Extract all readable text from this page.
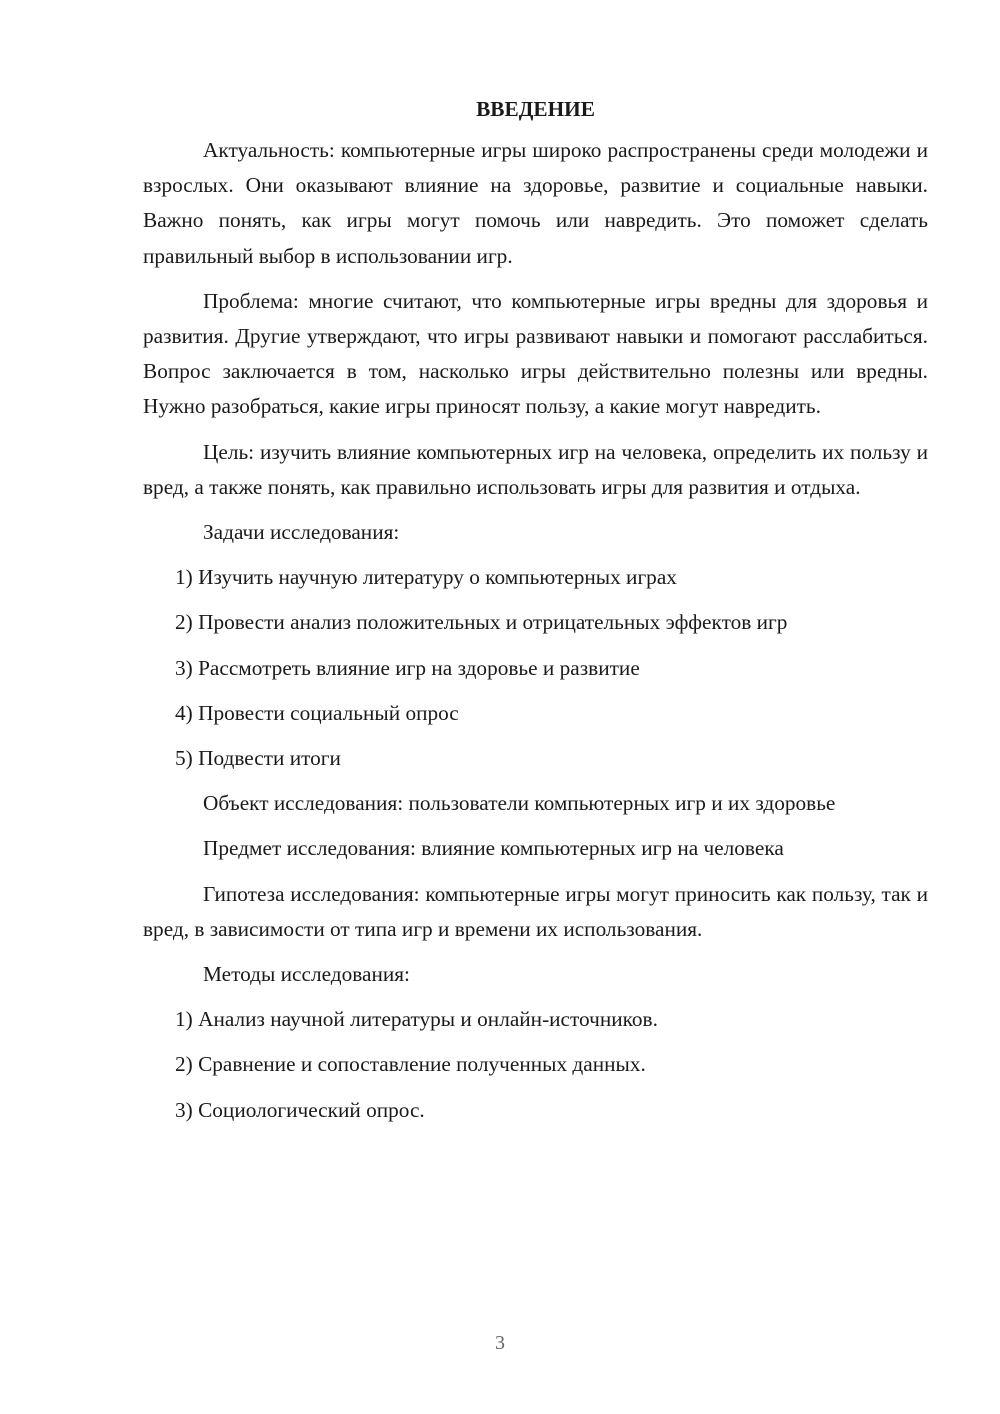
ВВЕДЕНИЕ

Актуальность: компьютерные игры широко распространены среди молодежи и взрослых. Они оказывают влияние на здоровье, развитие и социальные навыки. Важно понять, как игры могут помочь или навредить. Это поможет сделать правильный выбор в использовании игр.

Проблема: многие считают, что компьютерные игры вредны для здоровья и развития. Другие утверждают, что игры развивают навыки и помогают расслабиться. Вопрос заключается в том, насколько игры действительно полезны или вредны. Нужно разобраться, какие игры приносят пользу, а какие могут навредить.

Цель: изучить влияние компьютерных игр на человека, определить их пользу и вред, а также понять, как правильно использовать игры для развития и отдыха.

Задачи исследования:

1) Изучить научную литературу о компьютерных играх
2) Провести анализ положительных и отрицательных эффектов игр
3) Рассмотреть влияние игр на здоровье и развитие
4) Провести социальный опрос
5) Подвести итоги

Объект исследования: пользователи компьютерных игр и их здоровье

Предмет исследования: влияние компьютерных игр на человека

Гипотеза исследования: компьютерные игры могут приносить как пользу, так и вред, в зависимости от типа игр и времени их использования.

Методы исследования:

1) Анализ научной литературы и онлайн-источников.
2) Сравнение и сопоставление полученных данных.
3) Социологический опрос.
3
